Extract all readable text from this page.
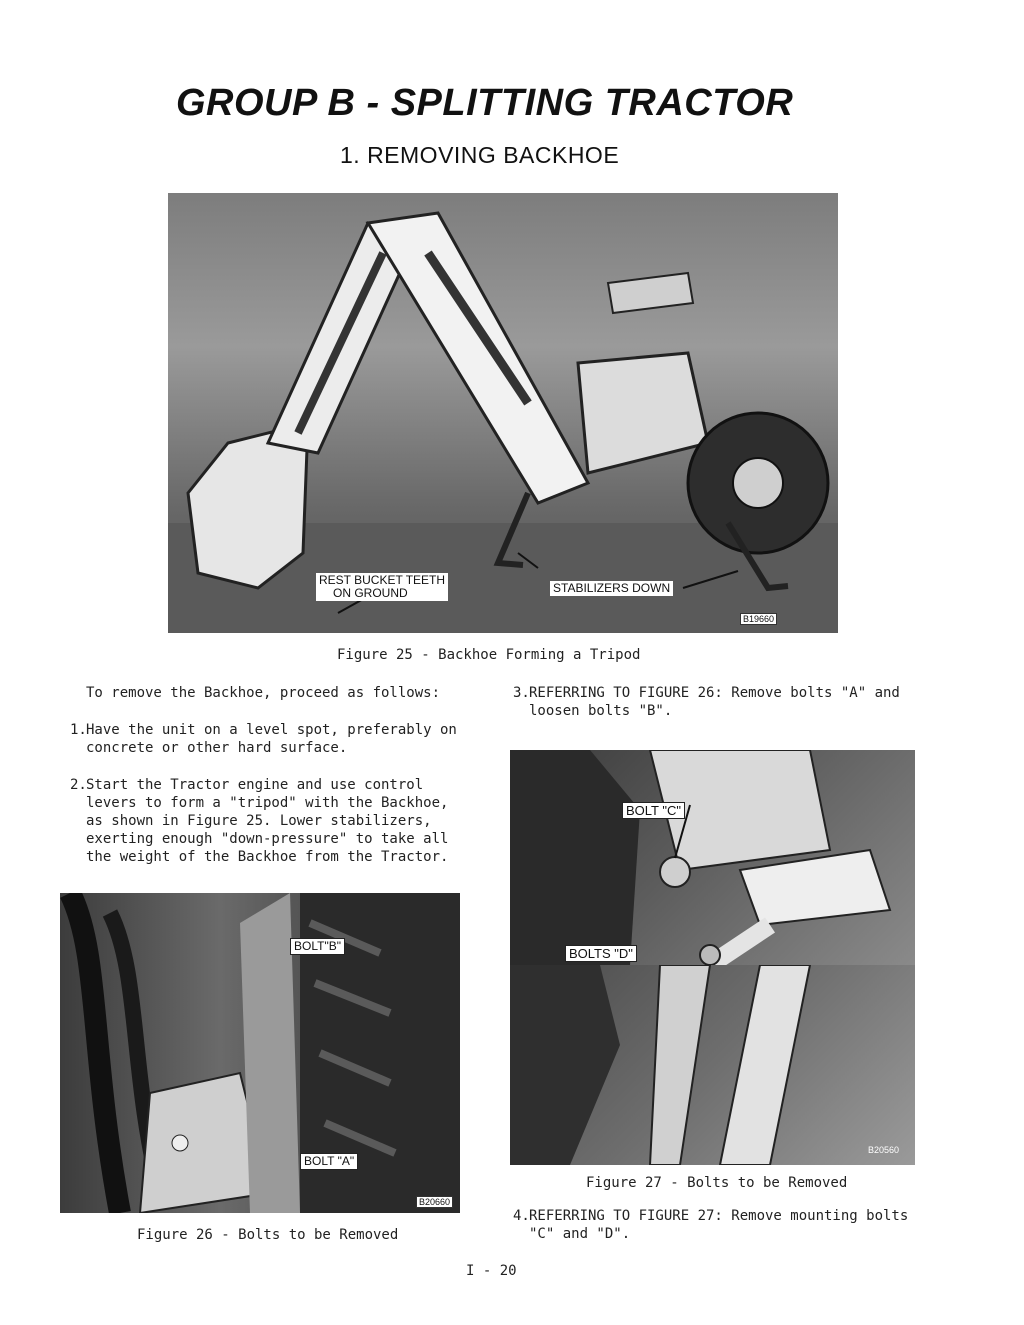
GROUP B - SPLITTING TRACTOR
1. REMOVING BACKHOE
REST BUCKET TEETH
ON GROUND	STABILIZERS DOWN
B19660
Figure 25 - Backhoe Forming a Tripod
To remove the Backhoe, proceed as follows:
1. Have the unit on a level spot, preferably on concrete or other hard surface.
2. Start the Tractor engine and use control levers to form a "tripod" with the Backhoe, as shown in Figure 25. Lower stabilizers, exerting enough "down-pressure" to take all the weight of the Backhoe from the Tractor.
3. REFERRING TO FIGURE 26: Remove bolts "A" and loosen bolts "B".
BOLT "C"
BOLTS "D"
B20560
Figure 27 - Bolts to be Removed
BOLT"B"
BOLT "A"
B20660
Figure 26 - Bolts to be Removed
4. REFERRING TO FIGURE 27: Remove mounting bolts "C" and "D".
I - 20
